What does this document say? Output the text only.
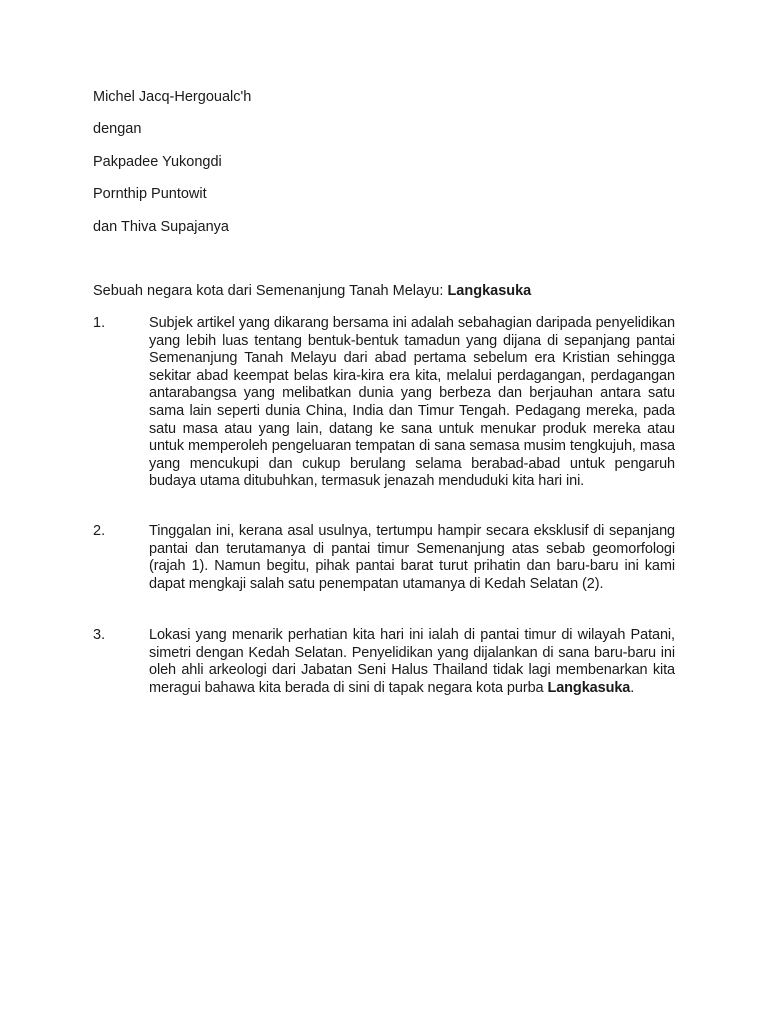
Michel Jacq-Hergoualc'h
dengan
Pakpadee Yukongdi
Pornthip Puntowit
dan Thiva Supajanya
Sebuah negara kota dari Semenanjung Tanah Melayu: Langkasuka
1.	Subjek artikel yang dikarang bersama ini adalah sebahagian daripada penyelidikan yang lebih luas tentang bentuk-bentuk tamadun yang dijana di sepanjang pantai Semenanjung Tanah Melayu dari abad pertama sebelum era Kristian sehingga sekitar abad keempat belas kira-kira era kita, melalui perdagangan, perdagangan antarabangsa yang melibatkan dunia yang berbeza dan berjauhan antara satu sama lain seperti dunia China, India dan Timur Tengah. Pedagang mereka, pada satu masa atau yang lain, datang ke sana untuk menukar produk mereka atau untuk memperoleh pengeluaran tempatan di sana semasa musim tengkujuh, masa yang mencukupi dan cukup berulang selama berabad-abad untuk pengaruh budaya utama ditubuhkan, termasuk jenazah menduduki kita hari ini.
2.	Tinggalan ini, kerana asal usulnya, tertumpu hampir secara eksklusif di sepanjang pantai dan terutamanya di pantai timur Semenanjung atas sebab geomorfologi (rajah 1). Namun begitu, pihak pantai barat turut prihatin dan baru-baru ini kami dapat mengkaji salah satu penempatan utamanya di Kedah Selatan (2).
3.	Lokasi yang menarik perhatian kita hari ini ialah di pantai timur di wilayah Patani, simetri dengan Kedah Selatan. Penyelidikan yang dijalankan di sana baru-baru ini oleh ahli arkeologi dari Jabatan Seni Halus Thailand tidak lagi membenarkan kita meragui bahawa kita berada di sini di tapak negara kota purba Langkasuka.
